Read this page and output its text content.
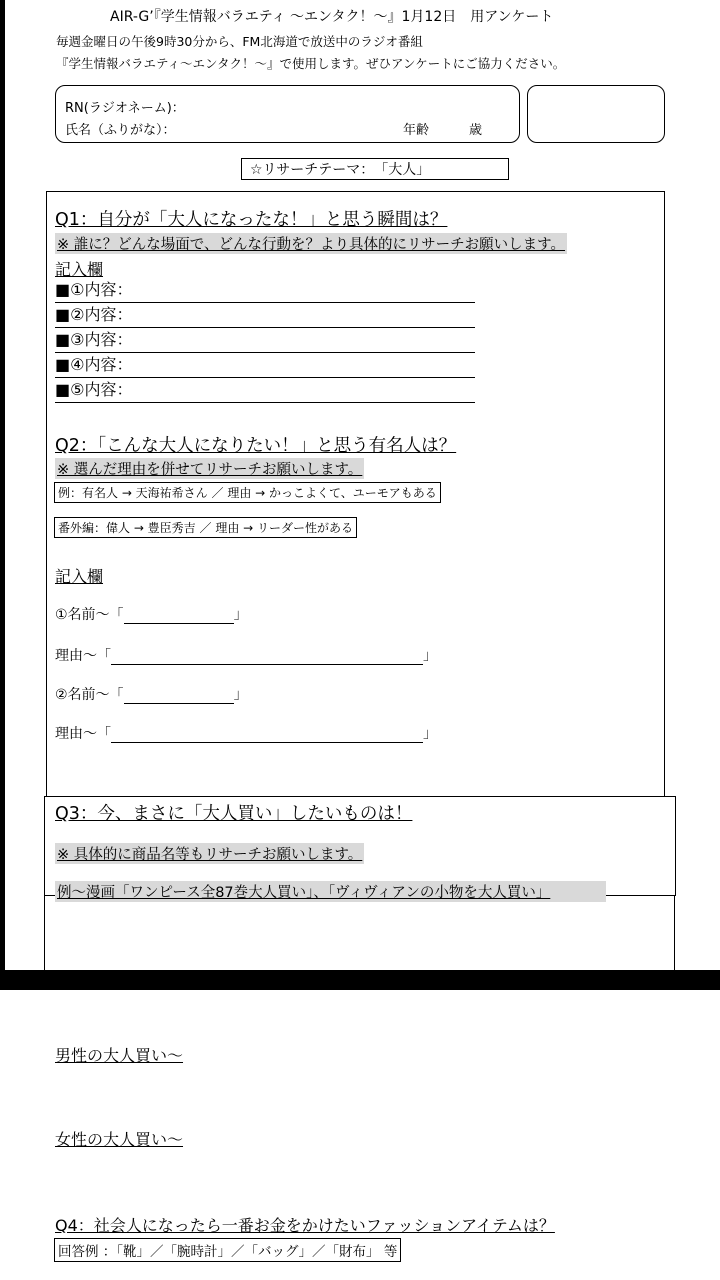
AIR-G’『学生情報バラエティ ～エンタク！～』1月12日　用アンケート
毎週金曜日の午後9時30分から、FM北海道で放送中のラジオ番組
『学生情報バラエティ～エンタク！～』で使用します。ぜひアンケートにご協力ください。
RN(ラジオネーム)：
氏名（ふりがな）：	年齢	歳
☆リサーチテーマ：　「大人」
Q1：自分が「大人になったな！」と思う瞬間は？
※ 誰に？どんな場面で、どんな行動を？より具体的にリサーチお願いします。
記入欄
■①内容：
■②内容：
■③内容：
■④内容：
■⑤内容：
Q2：「こんな大人になりたい！」と思う有名人は？
※ 選んだ理由を併せてリサーチお願いします。
例：有名人 → 天海祐希さん ／ 理由 → かっこよくて、ユーモアもある
番外編：偉人 → 豊臣秀吉 ／ 理由 → リーダー性がある
記入欄
①名前～「	」
理由～「	」
②名前～「	」
理由～「	」
Q3：今、まさに「大人買い」したいものは！
※ 具体的に商品名等もリサーチお願いします。
例～漫画「ワンピース全87巻大人買い」、「ヴィヴィアンの小物を大人買い」
男性の大人買い～
女性の大人買い～
Q4：社会人になったら一番お金をかけたいファッションアイテムは？
回答例 ：「靴」／「腕時計」／「バッグ」／「財布」 等
